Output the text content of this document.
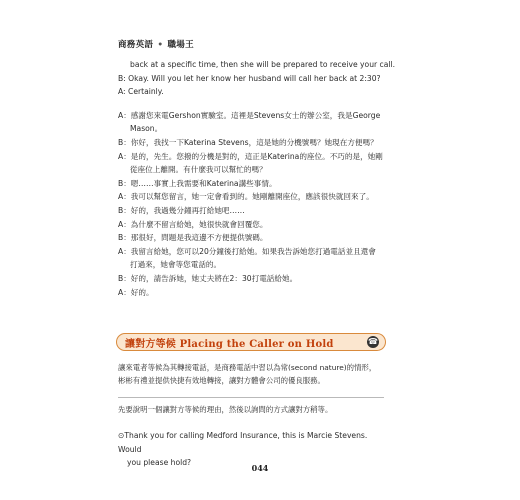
商務英語 • 職場王
back at a specific time, then she will be prepared to receive your call.
B: Okay. Will you let her know her husband will call her back at 2:30?
A: Certainly.
A：感謝您來電Gershon實驗室。這裡是Stevens女士的辦公室，我是George
Mason。
B：你好，我找一下Katerina Stevens，這是她的分機號嗎？她現在方便嗎？
A：是的，先生。您撥的分機是對的，這正是Katerina的座位。不巧的是，她剛
從座位上離開。有什麼我可以幫忙的嗎？
B：嗯……事實上我需要和Katerina講些事情。
A：我可以幫您留言，她一定會看到的。她剛離開座位，應該很快就回來了。
B：好的，我過幾分鐘再打給她吧……
A：為什麼不留言給她，她很快就會回覆您。
B：那很好，問題是我這邊不方便提供號碼。
A：我留言給她，您可以20分鐘後打給她。如果我告訴她您打過電話並且還會
打過來，她會等您電話的。
B：好的，請告訴她，她丈夫將在2：30打電話給她。
A：好的。
讓對方等候 Placing the Caller on Hold	☎
讓來電者等候為其轉接電話，是商務電話中習以為常(second nature)的情形，
彬彬有禮並提供快捷有效地轉接，讓對方體會公司的優良服務。
先要說明一個讓對方等候的理由，然後以詢問的方式讓對方稍等。
⊙Thank you for calling Medford Insurance, this is Marcie Stevens. Would
you please hold?
044
